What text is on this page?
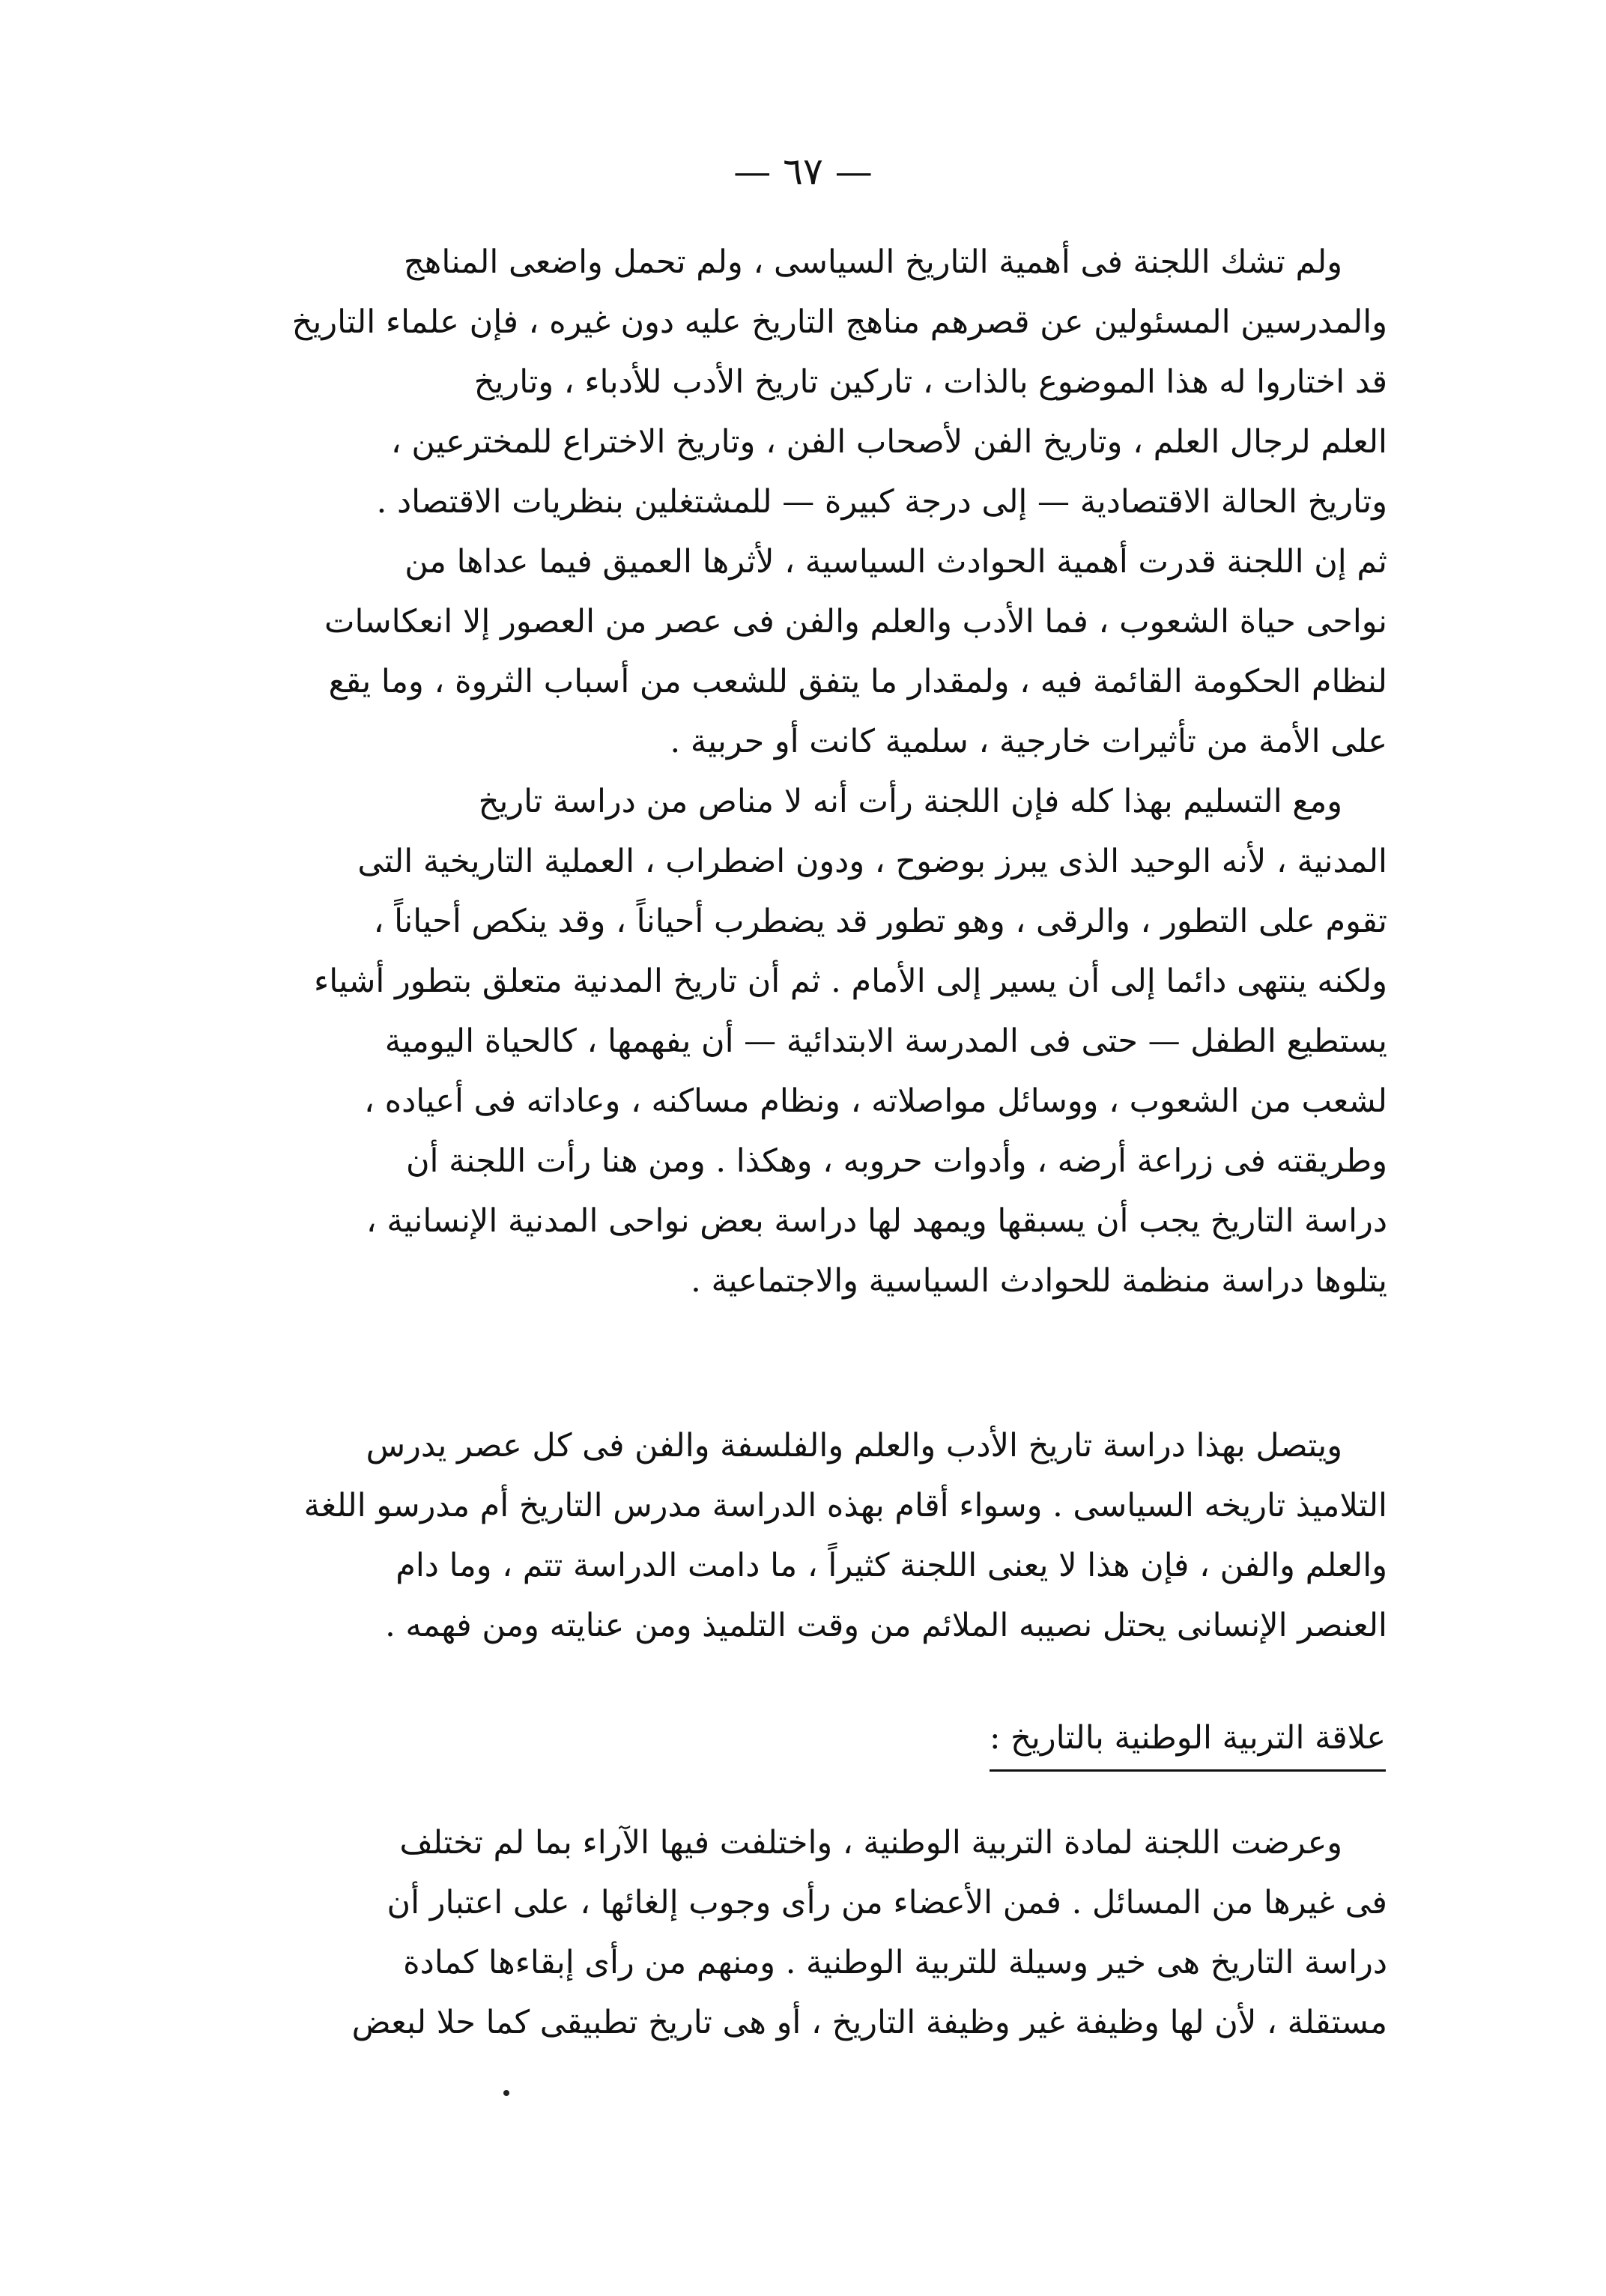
— ٦٧ —
ولم تشك اللجنة فى أهمية التاريخ السياسى ، ولم تحمل واضعى المناهج
والمدرسين المسئولين عن قصرهم مناهج التاريخ عليه دون غيره ، فإن علماء التاريخ
قد اختاروا له هذا الموضوع بالذات ، تاركين تاريخ الأدب للأدباء ، وتاريخ
العلم لرجال العلم ، وتاريخ الفن لأصحاب الفن ، وتاريخ الاختراع للمخترعين ،
وتاريخ الحالة الاقتصادية — إلى درجة كبيرة — للمشتغلين بنظريات الاقتصاد .
ثم إن اللجنة قدرت أهمية الحوادث السياسية ، لأثرها العميق فيما عداها من
نواحى حياة الشعوب ، فما الأدب والعلم والفن فى عصر من العصور إلا انعكاسات
لنظام الحكومة القائمة فيه ، ولمقدار ما يتفق للشعب من أسباب الثروة ، وما يقع
على الأمة من تأثيرات خارجية ، سلمية كانت أو حربية .
ومع التسليم بهذا كله فإن اللجنة رأت أنه لا مناص من دراسة تاريخ
المدنية ، لأنه الوحيد الذى يبرز بوضوح ، ودون اضطراب ، العملية التاريخية التى
تقوم على التطور ، والرقى ، وهو تطور قد يضطرب أحياناً ، وقد ينكص أحياناً ،
ولكنه ينتهى دائما إلى أن يسير إلى الأمام . ثم أن تاريخ المدنية متعلق بتطور أشياء
يستطيع الطفل — حتى فى المدرسة الابتدائية — أن يفهمها ، كالحياة اليومية
لشعب من الشعوب ، ووسائل مواصلاته ، ونظام مساكنه ، وعاداته فى أعياده ،
وطريقته فى زراعة أرضه ، وأدوات حروبه ، وهكذا . ومن هنا رأت اللجنة أن
دراسة التاريخ يجب أن يسبقها ويمهد لها دراسة بعض نواحى المدنية الإنسانية ،
يتلوها دراسة منظمة للحوادث السياسية والاجتماعية .
ويتصل بهذا دراسة تاريخ الأدب والعلم والفلسفة والفن فى كل عصر يدرس
التلاميذ تاريخه السياسى . وسواء أقام بهذه الدراسة مدرس التاريخ أم مدرسو اللغة
والعلم والفن ، فإن هذا لا يعنى اللجنة كثيراً ، ما دامت الدراسة تتم ، وما دام
العنصر الإنسانى يحتل نصيبه الملائم من وقت التلميذ ومن عنايته ومن فهمه .
علاقة التربية الوطنية بالتاريخ :
وعرضت اللجنة لمادة التربية الوطنية ، واختلفت فيها الآراء بما لم تختلف
فى غيرها من المسائل . فمن الأعضاء من رأى وجوب إلغائها ، على اعتبار أن
دراسة التاريخ هى خير وسيلة للتربية الوطنية . ومنهم من رأى إبقاءها كمادة
مستقلة ، لأن لها وظيفة غير وظيفة التاريخ ، أو هى تاريخ تطبيقى كما حلا لبعض
